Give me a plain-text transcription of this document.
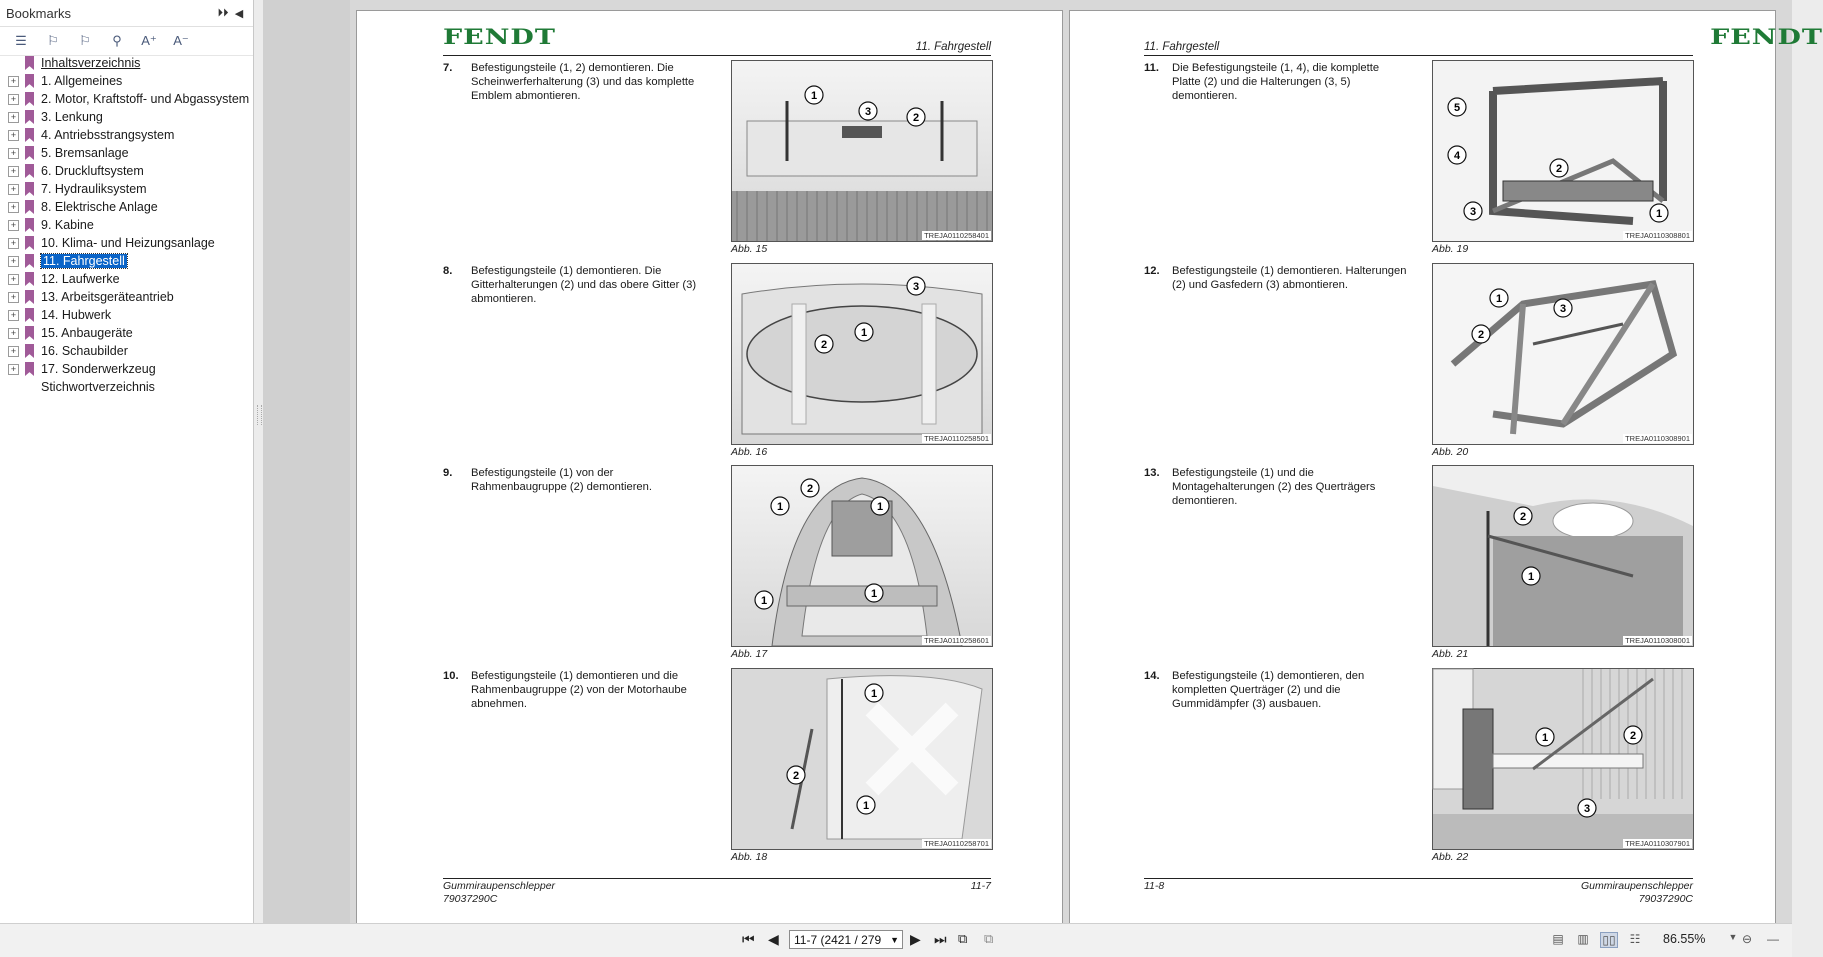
Bookmarks	⏵⏵ ◀
☰	⚐	⚐	⚲	A⁺ A⁻
Inhaltsverzeichnis
+ 1. Allgemeines
+ 2. Motor, Kraftstoff- und Abgassystem
+ 3. Lenkung
+ 4. Antriebsstrangsystem
+ 5. Bremsanlage
+ 6. Druckluftsystem
+ 7. Hydrauliksystem
+ 8. Elektrische Anlage
+ 9. Kabine
+ 10. Klima- und Heizungsanlage
+ 11. Fahrgestell
+ 12. Laufwerke
+ 13. Arbeitsgeräteantrieb
+ 14. Hubwerk
+ 15. Anbaugeräte
+ 16. Schaubilder
+ 17. Sonderwerkzeug
Stichwortverzeichnis
FENDT	11. Fahrgestell
7. Befestigungsteile (1, 2) demontieren. Die Scheinwerferhalterung (3) und das komplette Emblem abmontieren.	1
3	2
TREJA0110258401
Abb. 15
8. Befestigungsteile (1) demontieren. Die Gitterhalterungen (2) und das obere Gitter (3) abmontieren.
3
1
2
TREJA0110258501
Abb. 16
9. Befestigungsteile (1) von der Rahmenbaugruppe (2) demontieren.	2
1	1
1
1
TREJA0110258601
Abb. 17
10. Befestigungsteile (1) demontieren und die Rahmenbaugruppe (2) von der Motorhaube abnehmen.
1
2
1
TREJA0110258701
Abb. 18
Gummiraupenschlepper
79037290C
11-7
11. Fahrgestell	FENDT
11. Die Befestigungsteile (1, 4), die komplette Platte (2) und die Halterungen (3, 5) demontieren.
5
4
2
3	1
TREJA0110308801
Abb. 19
12. Befestigungsteile (1) demontieren. Halterungen (2) und Gasfedern (3) abmontieren.
1
3
2
TREJA0110308901
Abb. 20
13. Befestigungsteile (1) und die Montagehalterungen (2) des Querträgers demontieren.
2
1
TREJA0110308001
Abb. 21
14. Befestigungsteile (1) demontieren, den kompletten Querträger (2) und die Gummidämpfer (3) ausbauen.
1	2
3
TREJA0110307901
Abb. 22
11-8	Gummiraupenschlepper
79037290C
⏮ ◀	11-7 (2421 / 279 ▼ ▶ ⏭ ⧉ ⧉	▤ ▥ ▯▯ ☷ 86.55%	▼ ⊖	—
